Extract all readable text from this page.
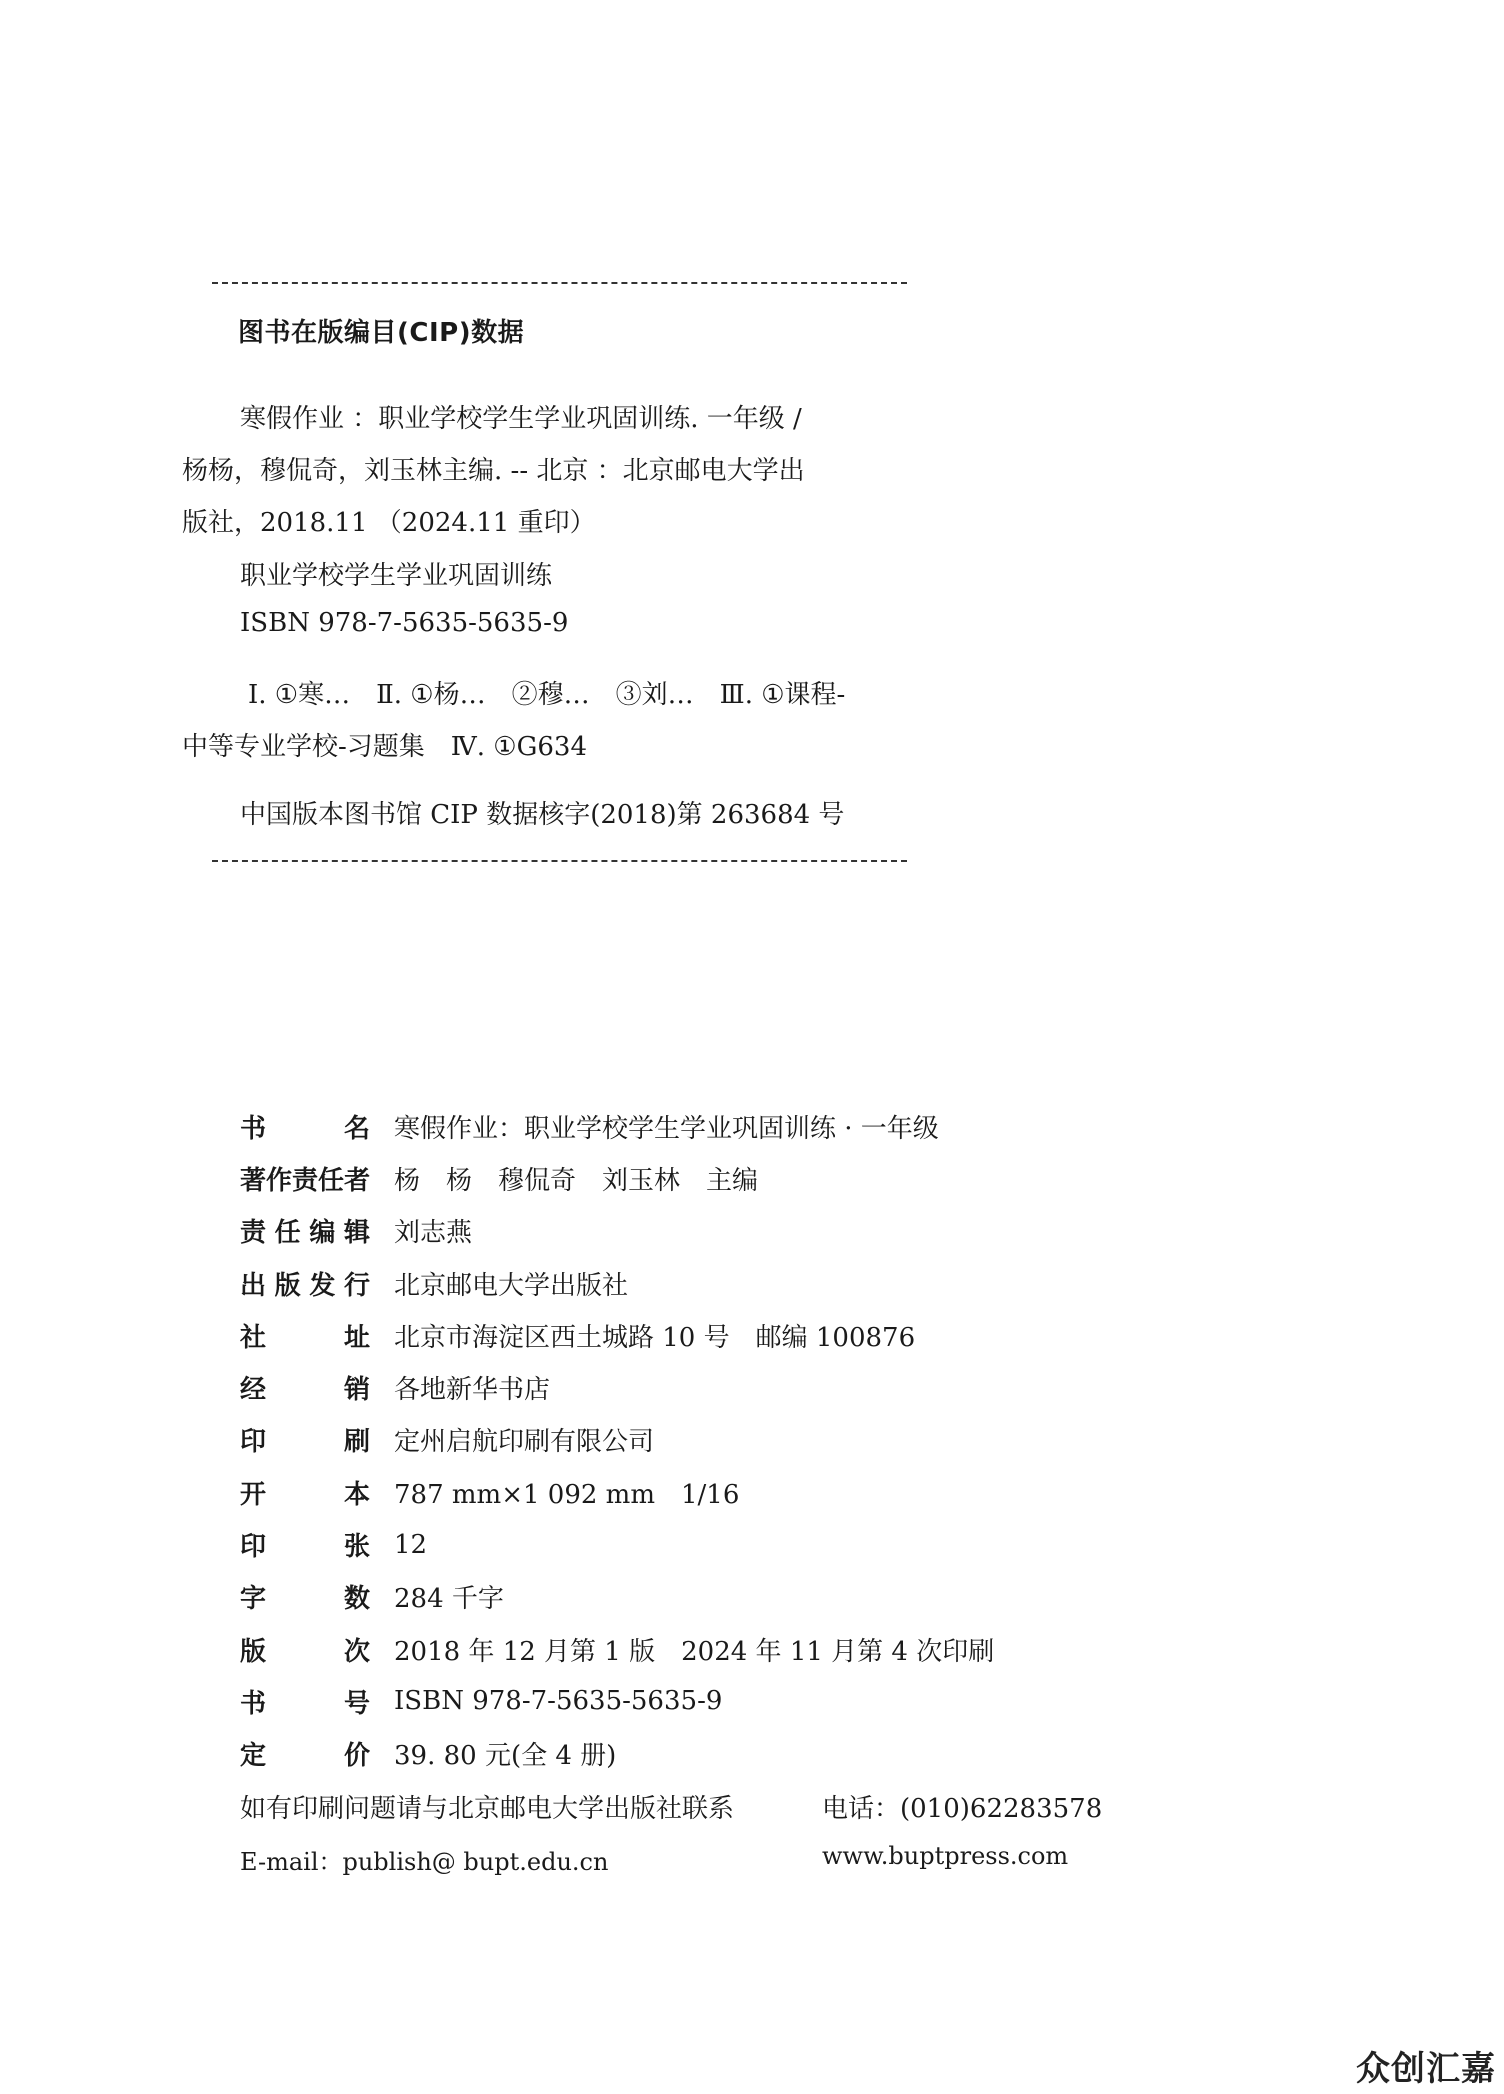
图书在版编目(CIP)数据
寒假作业 ：职业学校学生学业巩固训练. 一年级 /
杨杨，穆侃奇，刘玉林主编. -- 北京 ：北京邮电大学出
版社，2018.11 （2024.11 重印）
职业学校学生学业巩固训练
ISBN 978-7-5635-5635-9
Ⅰ. ①寒…　Ⅱ. ①杨…　②穆…　③刘…　Ⅲ. ①课程-
中等专业学校-习题集　Ⅳ. ①G634
中国版本图书馆 CIP 数据核字(2018)第 263684 号
书	名 寒假作业：职业学校学生学业巩固训练 · 一年级
著 作 责 任 者 杨　杨　穆侃奇　刘玉林　主编
责 任 编 辑 刘志燕
出 版 发 行 北京邮电大学出版社
社	址 北京市海淀区西土城路 10 号　邮编 100876
经	销 各地新华书店
印	刷 定州启航印刷有限公司
开	本 787 mm×1 092 mm　1/16
印	张 12
字	数 284 千字
版	次 2018 年 12 月第 1 版　2024 年 11 月第 4 次印刷
书	号 ISBN 978-7-5635-5635-9
定	价 39. 80 元(全 4 册)
如有印刷问题请与北京邮电大学出版社联系	电话：(010)62283578
E-mail：publish@ bupt.edu.cn	www.buptpress.com
众创汇嘉
